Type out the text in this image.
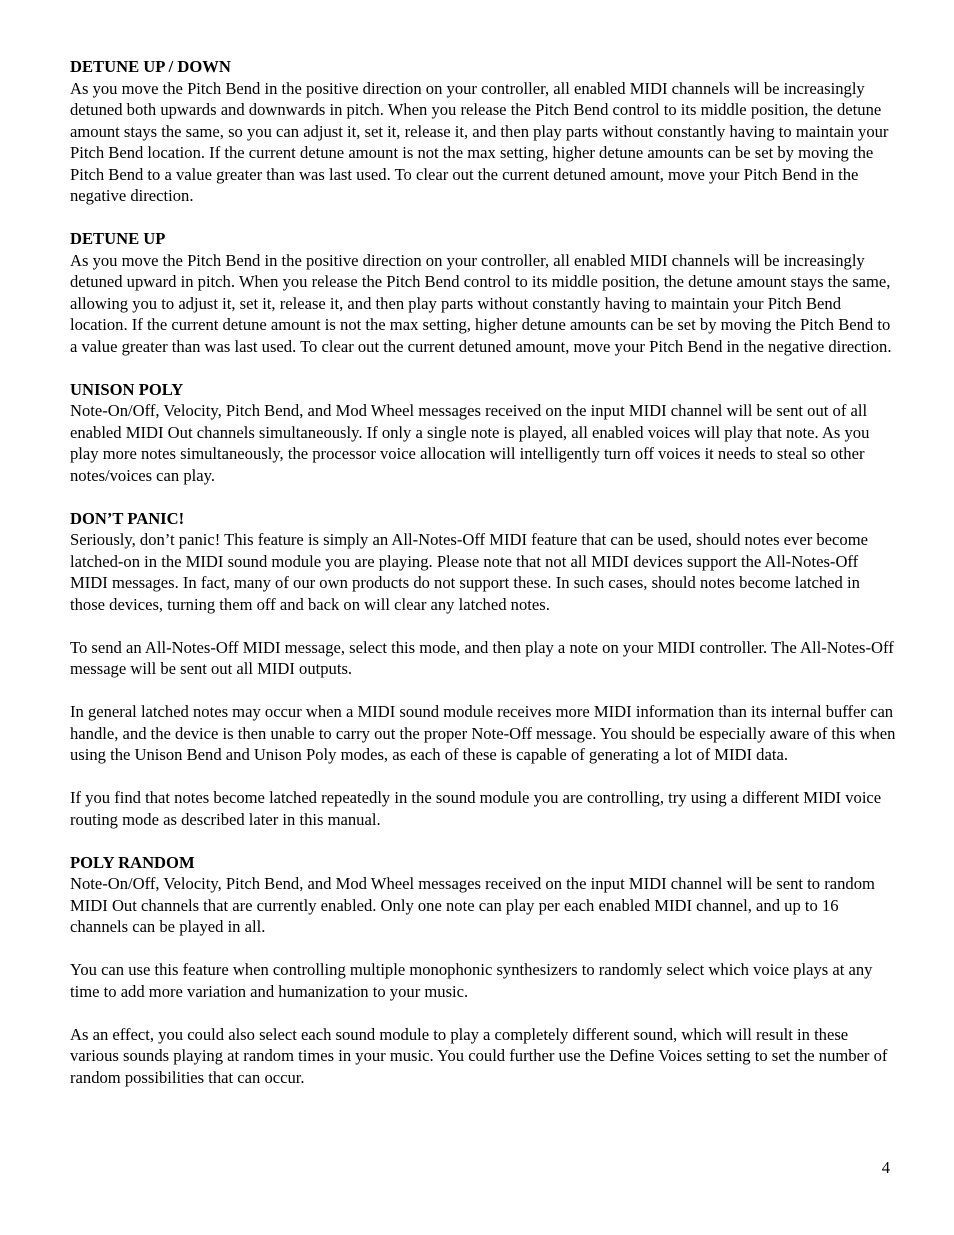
DETUNE UP / DOWN

As you move the Pitch Bend in the positive direction on your controller, all enabled MIDI channels will be increasingly detuned both upwards and downwards in pitch. When you release the Pitch Bend control to its middle position, the detune amount stays the same, so you can adjust it, set it, release it, and then play parts without constantly having to maintain your Pitch Bend location. If the current detune amount is not the max setting, higher detune amounts can be set by moving the Pitch Bend to a value greater than was last used. To clear out the current detuned amount, move your Pitch Bend in the negative direction.

DETUNE UP

As you move the Pitch Bend in the positive direction on your controller, all enabled MIDI channels will be increasingly detuned upward in pitch. When you release the Pitch Bend control to its middle position, the detune amount stays the same, allowing you to adjust it, set it, release it, and then play parts without constantly having to maintain your Pitch Bend location. If the current detune amount is not the max setting, higher detune amounts can be set by moving the Pitch Bend to a value greater than was last used. To clear out the current detuned amount, move your Pitch Bend in the negative direction.

UNISON POLY

Note-On/Off, Velocity, Pitch Bend, and Mod Wheel messages received on the input MIDI channel will be sent out of all enabled MIDI Out channels simultaneously. If only a single note is played, all enabled voices will play that note. As you play more notes simultaneously, the processor voice allocation will intelligently turn off voices it needs to steal so other notes/voices can play.

DON’T PANIC!

Seriously, don’t panic! This feature is simply an All-Notes-Off MIDI feature that can be used, should notes ever become latched-on in the MIDI sound module you are playing. Please note that not all MIDI devices support the All-Notes-Off MIDI messages. In fact, many of our own products do not support these. In such cases, should notes become latched in those devices, turning them off and back on will clear any latched notes.

To send an All-Notes-Off MIDI message, select this mode, and then play a note on your MIDI controller. The All-Notes-Off message will be sent out all MIDI outputs.

In general latched notes may occur when a MIDI sound module receives more MIDI information than its internal buffer can handle, and the device is then unable to carry out the proper Note-Off message. You should be especially aware of this when using the Unison Bend and Unison Poly modes, as each of these is capable of generating a lot of MIDI data.

If you find that notes become latched repeatedly in the sound module you are controlling, try using a different MIDI voice routing mode as described later in this manual.

POLY RANDOM

Note-On/Off, Velocity, Pitch Bend, and Mod Wheel messages received on the input MIDI channel will be sent to random MIDI Out channels that are currently enabled. Only one note can play per each enabled MIDI channel, and up to 16 channels can be played in all.

You can use this feature when controlling multiple monophonic synthesizers to randomly select which voice plays at any time to add more variation and humanization to your music.

As an effect, you could also select each sound module to play a completely different sound, which will result in these various sounds playing at random times in your music. You could further use the Define Voices setting to set the number of random possibilities that can occur.

4
